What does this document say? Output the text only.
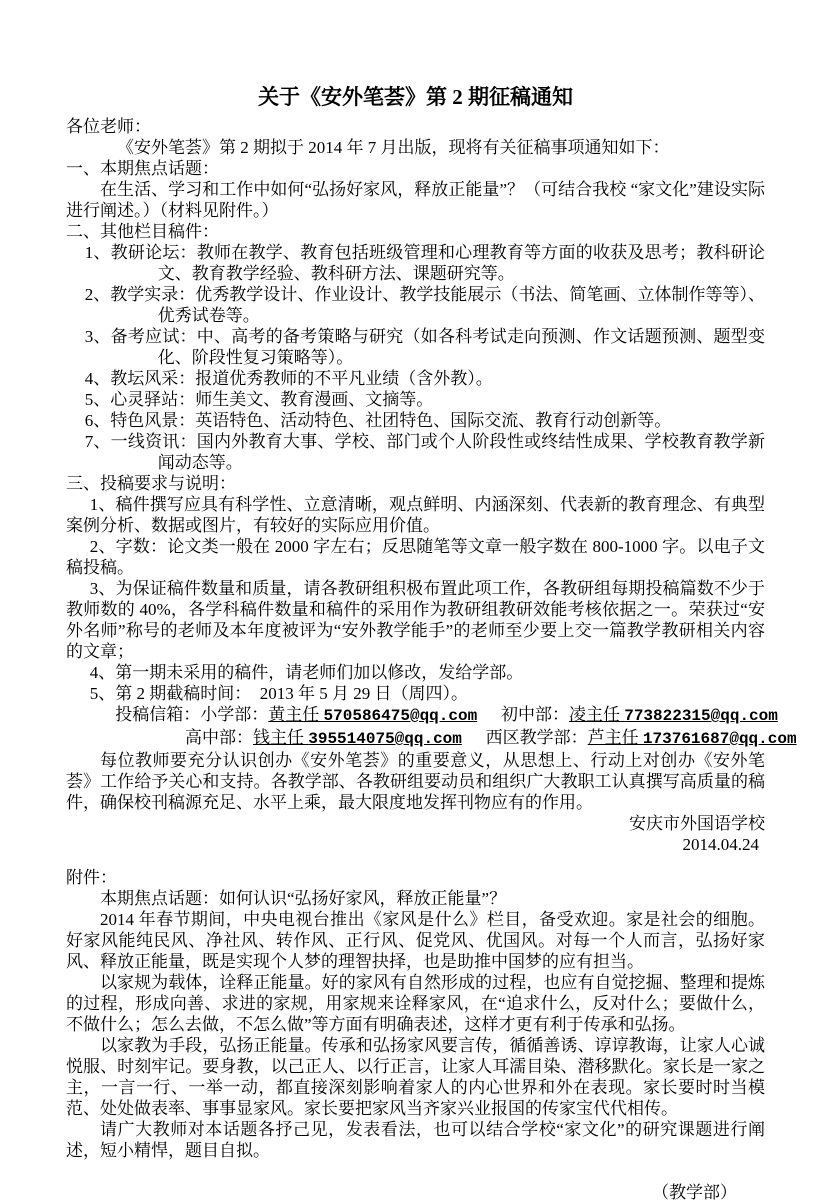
关于《安外笔荟》第 2 期征稿通知

各位老师：

《安外笔荟》第 2 期拟于 2014 年 7 月出版，现将有关征稿事项通知如下：

一、本期焦点话题：

在生活、学习和工作中如何“弘扬好家风，释放正能量”？（可结合我校 “家文化”建设实际进行阐述。）（材料见附件。）

二、其他栏目稿件：

1、教研论坛：教师在教学、教育包括班级管理和心理教育等方面的收获及思考；教科研论文、教育教学经验、教科研方法、课题研究等。

2、教学实录：优秀教学设计、作业设计、教学技能展示（书法、简笔画、立体制作等等）、优秀试卷等。

3、备考应试：中、高考的备考策略与研究（如各科考试走向预测、作文话题预测、题型变化、阶段性复习策略等）。

4、教坛风采：报道优秀教师的不平凡业绩（含外教）。

5、心灵驿站：师生美文、教育漫画、文摘等。

6、特色风景：英语特色、活动特色、社团特色、国际交流、教育行动创新等。

7、一线资讯：国内外教育大事、学校、部门或个人阶段性或终结性成果、学校教育教学新闻动态等。

三、投稿要求与说明：

1、稿件撰写应具有科学性、立意清晰，观点鲜明、内涵深刻、代表新的教育理念、有典型案例分析、数据或图片，有较好的实际应用价值。

2、字数：论文类一般在 2000 字左右；反思随笔等文章一般字数在 800-1000 字。以电子文稿投稿。

3、为保证稿件数量和质量，请各教研组积极布置此项工作，各教研组每期投稿篇数不少于教师数的 40%，各学科稿件数量和稿件的采用作为教研组教研效能考核依据之一。荣获过“安外名师”称号的老师及本年度被评为“安外教学能手”的老师至少要上交一篇教学教研相关内容的文章；

4、第一期未采用的稿件，请老师们加以修改，发给学部。

5、第 2 期截稿时间：　2013 年 5 月 29 日（周四）。

投稿信箱：小学部：黄主任 570586475@qq.com 初中部：凌主任 773822315@qq.com

高中部：钱主任 395514075@qq.com 西区教学部：芦主任 173761687@qq.com

每位教师要充分认识创办《安外笔荟》的重要意义，从思想上、行动上对创办《安外笔荟》工作给予关心和支持。各教学部、各教研组要动员和组织广大教职工认真撰写高质量的稿件，确保校刊稿源充足、水平上乘，最大限度地发挥刊物应有的作用。

安庆市外国语学校

2014.04.24

附件：

本期焦点话题：如何认识“弘扬好家风，释放正能量”？

2014 年春节期间，中央电视台推出《家风是什么》栏目，备受欢迎。家是社会的细胞。好家风能纯民风、净社风、转作风、正行风、促党风、优国风。对每一个人而言，弘扬好家风、释放正能量，既是实现个人梦的理智抉择，也是助推中国梦的应有担当。

以家规为载体，诠释正能量。好的家风有自然形成的过程，也应有自觉挖掘、整理和提炼的过程，形成向善、求进的家规，用家规来诠释家风，在“追求什么，反对什么；要做什么，不做什么；怎么去做，不怎么做”等方面有明确表述，这样才更有利于传承和弘扬。

以家教为手段，弘扬正能量。传承和弘扬家风要言传，循循善诱、谆谆教诲，让家人心诚悦服、时刻牢记。要身教，以己正人、以行正言，让家人耳濡目染、潜移默化。家长是一家之主，一言一行、一举一动，都直接深刻影响着家人的内心世界和外在表现。家长要时时当模范、处处做表率、事事显家风。家长要把家风当齐家兴业报国的传家宝代代相传。

请广大教师对本话题各抒己见，发表看法，也可以结合学校“家文化”的研究课题进行阐述，短小精悍，题目自拟。

（教学部）
